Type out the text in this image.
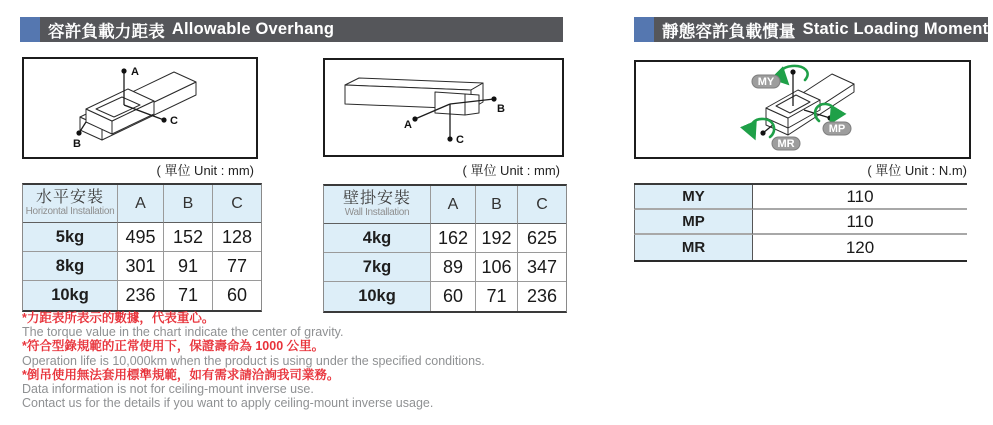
容許負載力距表 Allowable Overhang
A
C
B
( 單位 Unit : mm)
A
B
C
( 單位 Unit : mm)
水平安裝
Horizontal Installation	A	B	C
5kg	495 152	128
8kg	301	91	77
10kg	236	71	60
壁掛安裝
Wall Installation	A	B	C
4kg	162 192 625
7kg	89	106 347
10kg	60	71	236
*力距表所表示的數據，代表重心。
The torque value in the chart indicate the center of gravity.
*符合型錄規範的正常使用下，保證壽命為 1000 公里。
Operation life is 10,000km when the product is using under the specified conditions.
*倒吊使用無法套用標準規範，如有需求請洽詢我司業務。
Data information is not for ceiling-mount inverse use.
Contact us for the details if you want to apply ceiling-mount inverse usage.
靜態容許負載慣量 Static Loading Moment
MY
MP
MR
( 單位 Unit : N.m)
MY	110
MP	110
MR	120
